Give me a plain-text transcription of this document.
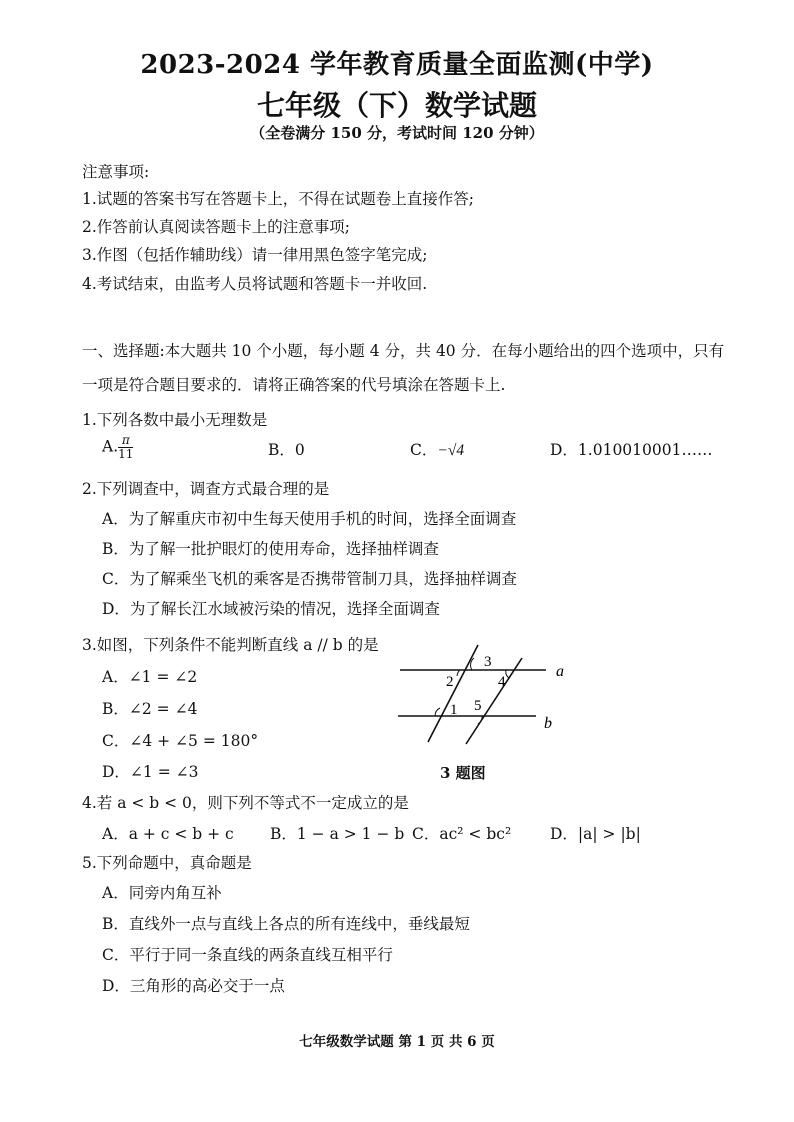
2023-2024 学年教育质量全面监测(中学)
七年级（下）数学试题
（全卷满分 150 分，考试时间 120 分钟）
注意事项:
1.试题的答案书写在答题卡上，不得在试题卷上直接作答;
2.作答前认真阅读答题卡上的注意事项;
3.作图（包括作辅助线）请一律用黑色签字笔完成;
4.考试结束，由监考人员将试题和答题卡一并收回.
一、选择题:本大题共 10 个小题，每小题 4 分，共 40 分．在每小题给出的四个选项中，只有
一项是符合题目要求的．请将正确答案的代号填涂在答题卡上.
1.下列各数中最小无理数是
A. $\frac{\pi}{11}$	B．0	C．−√4	D．1.010010001……
2.下列调查中，调查方式最合理的是
A．为了解重庆市初中生每天使用手机的时间，选择全面调查
B．为了解一批护眼灯的使用寿命，选择抽样调查
C．为了解乘坐飞机的乘客是否携带管制刀具，选择抽样调查
D．为了解长江水域被污染的情况，选择全面调查
3.如图，下列条件不能判断直线 a // b 的是
A．∠1 = ∠2
B．∠2 = ∠4
C．∠4 + ∠5 = 180°
D．∠1 = ∠3
3
2	4
1 5
a
b
3 题图
4.若 a < b < 0，则下列不等式不一定成立的是
A．a + c < b + c B．1 − a > 1 − b C．ac² < bc²	D．|a| > |b|
5.下列命题中，真命题是
A．同旁内角互补
B．直线外一点与直线上各点的所有连线中，垂线最短
C．平行于同一条直线的两条直线互相平行
D．三角形的高必交于一点
七年级数学试题 第 1 页 共 6 页
